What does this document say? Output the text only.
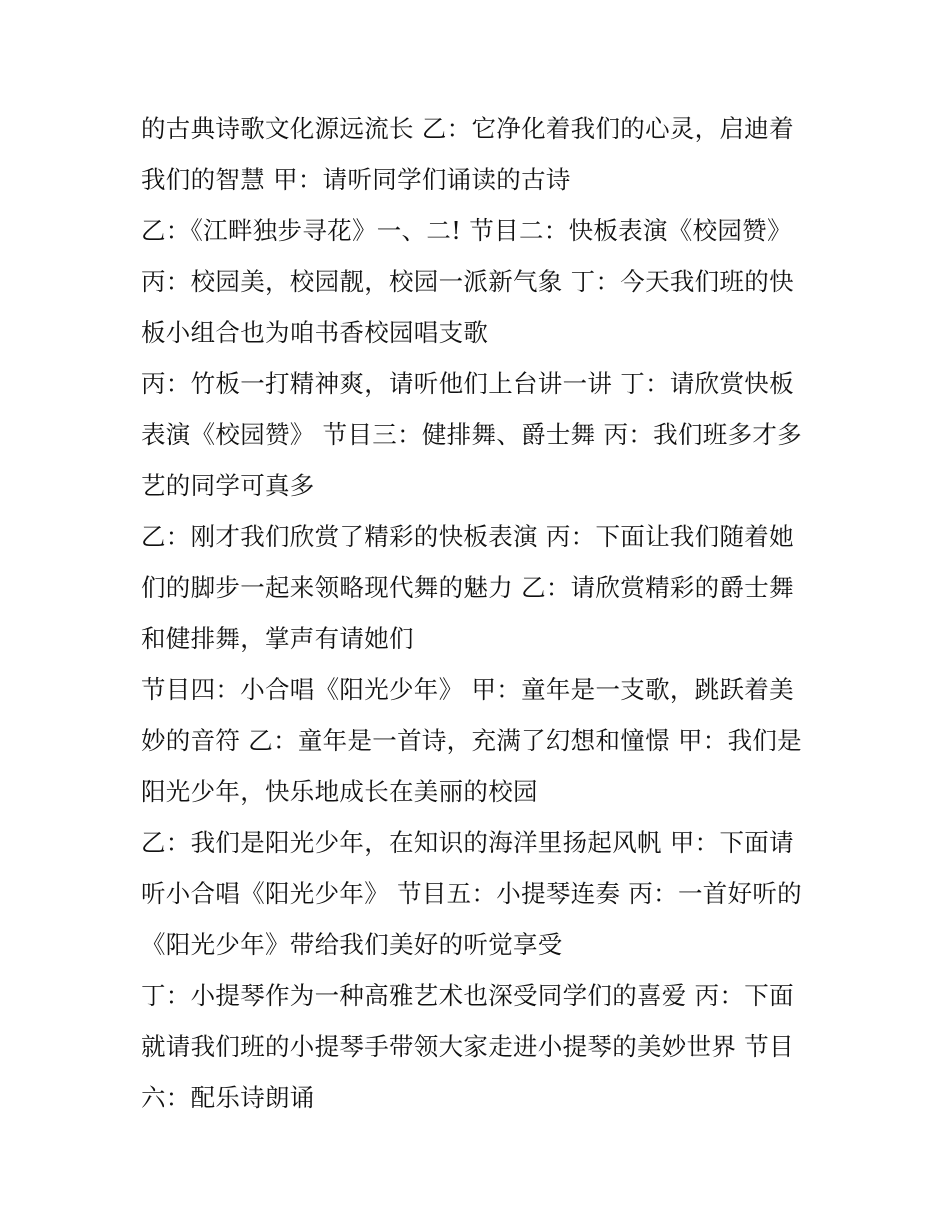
的古典诗歌文化源远流长 乙：它净化着我们的心灵，启迪着
我们的智慧 甲：请听同学们诵读的古诗
乙：《江畔独步寻花》一、二! 节目二：快板表演《校园赞》
丙：校园美，校园靓，校园一派新气象 丁：今天我们班的快
板小组合也为咱书香校园唱支歌
丙：竹板一打精神爽，请听他们上台讲一讲 丁：请欣赏快板
表演《校园赞》 节目三：健排舞、爵士舞 丙：我们班多才多
艺的同学可真多
乙：刚才我们欣赏了精彩的快板表演 丙：下面让我们随着她
们的脚步一起来领略现代舞的魅力 乙：请欣赏精彩的爵士舞
和健排舞，掌声有请她们
节目四：小合唱《阳光少年》 甲：童年是一支歌，跳跃着美
妙的音符 乙：童年是一首诗，充满了幻想和憧憬 甲：我们是
阳光少年，快乐地成长在美丽的校园
乙：我们是阳光少年，在知识的海洋里扬起风帆 甲：下面请
听小合唱《阳光少年》 节目五：小提琴连奏 丙：一首好听的
《阳光少年》带给我们美好的听觉享受
丁：小提琴作为一种高雅艺术也深受同学们的喜爱 丙：下面
就请我们班的小提琴手带领大家走进小提琴的美妙世界 节目
六：配乐诗朗诵
